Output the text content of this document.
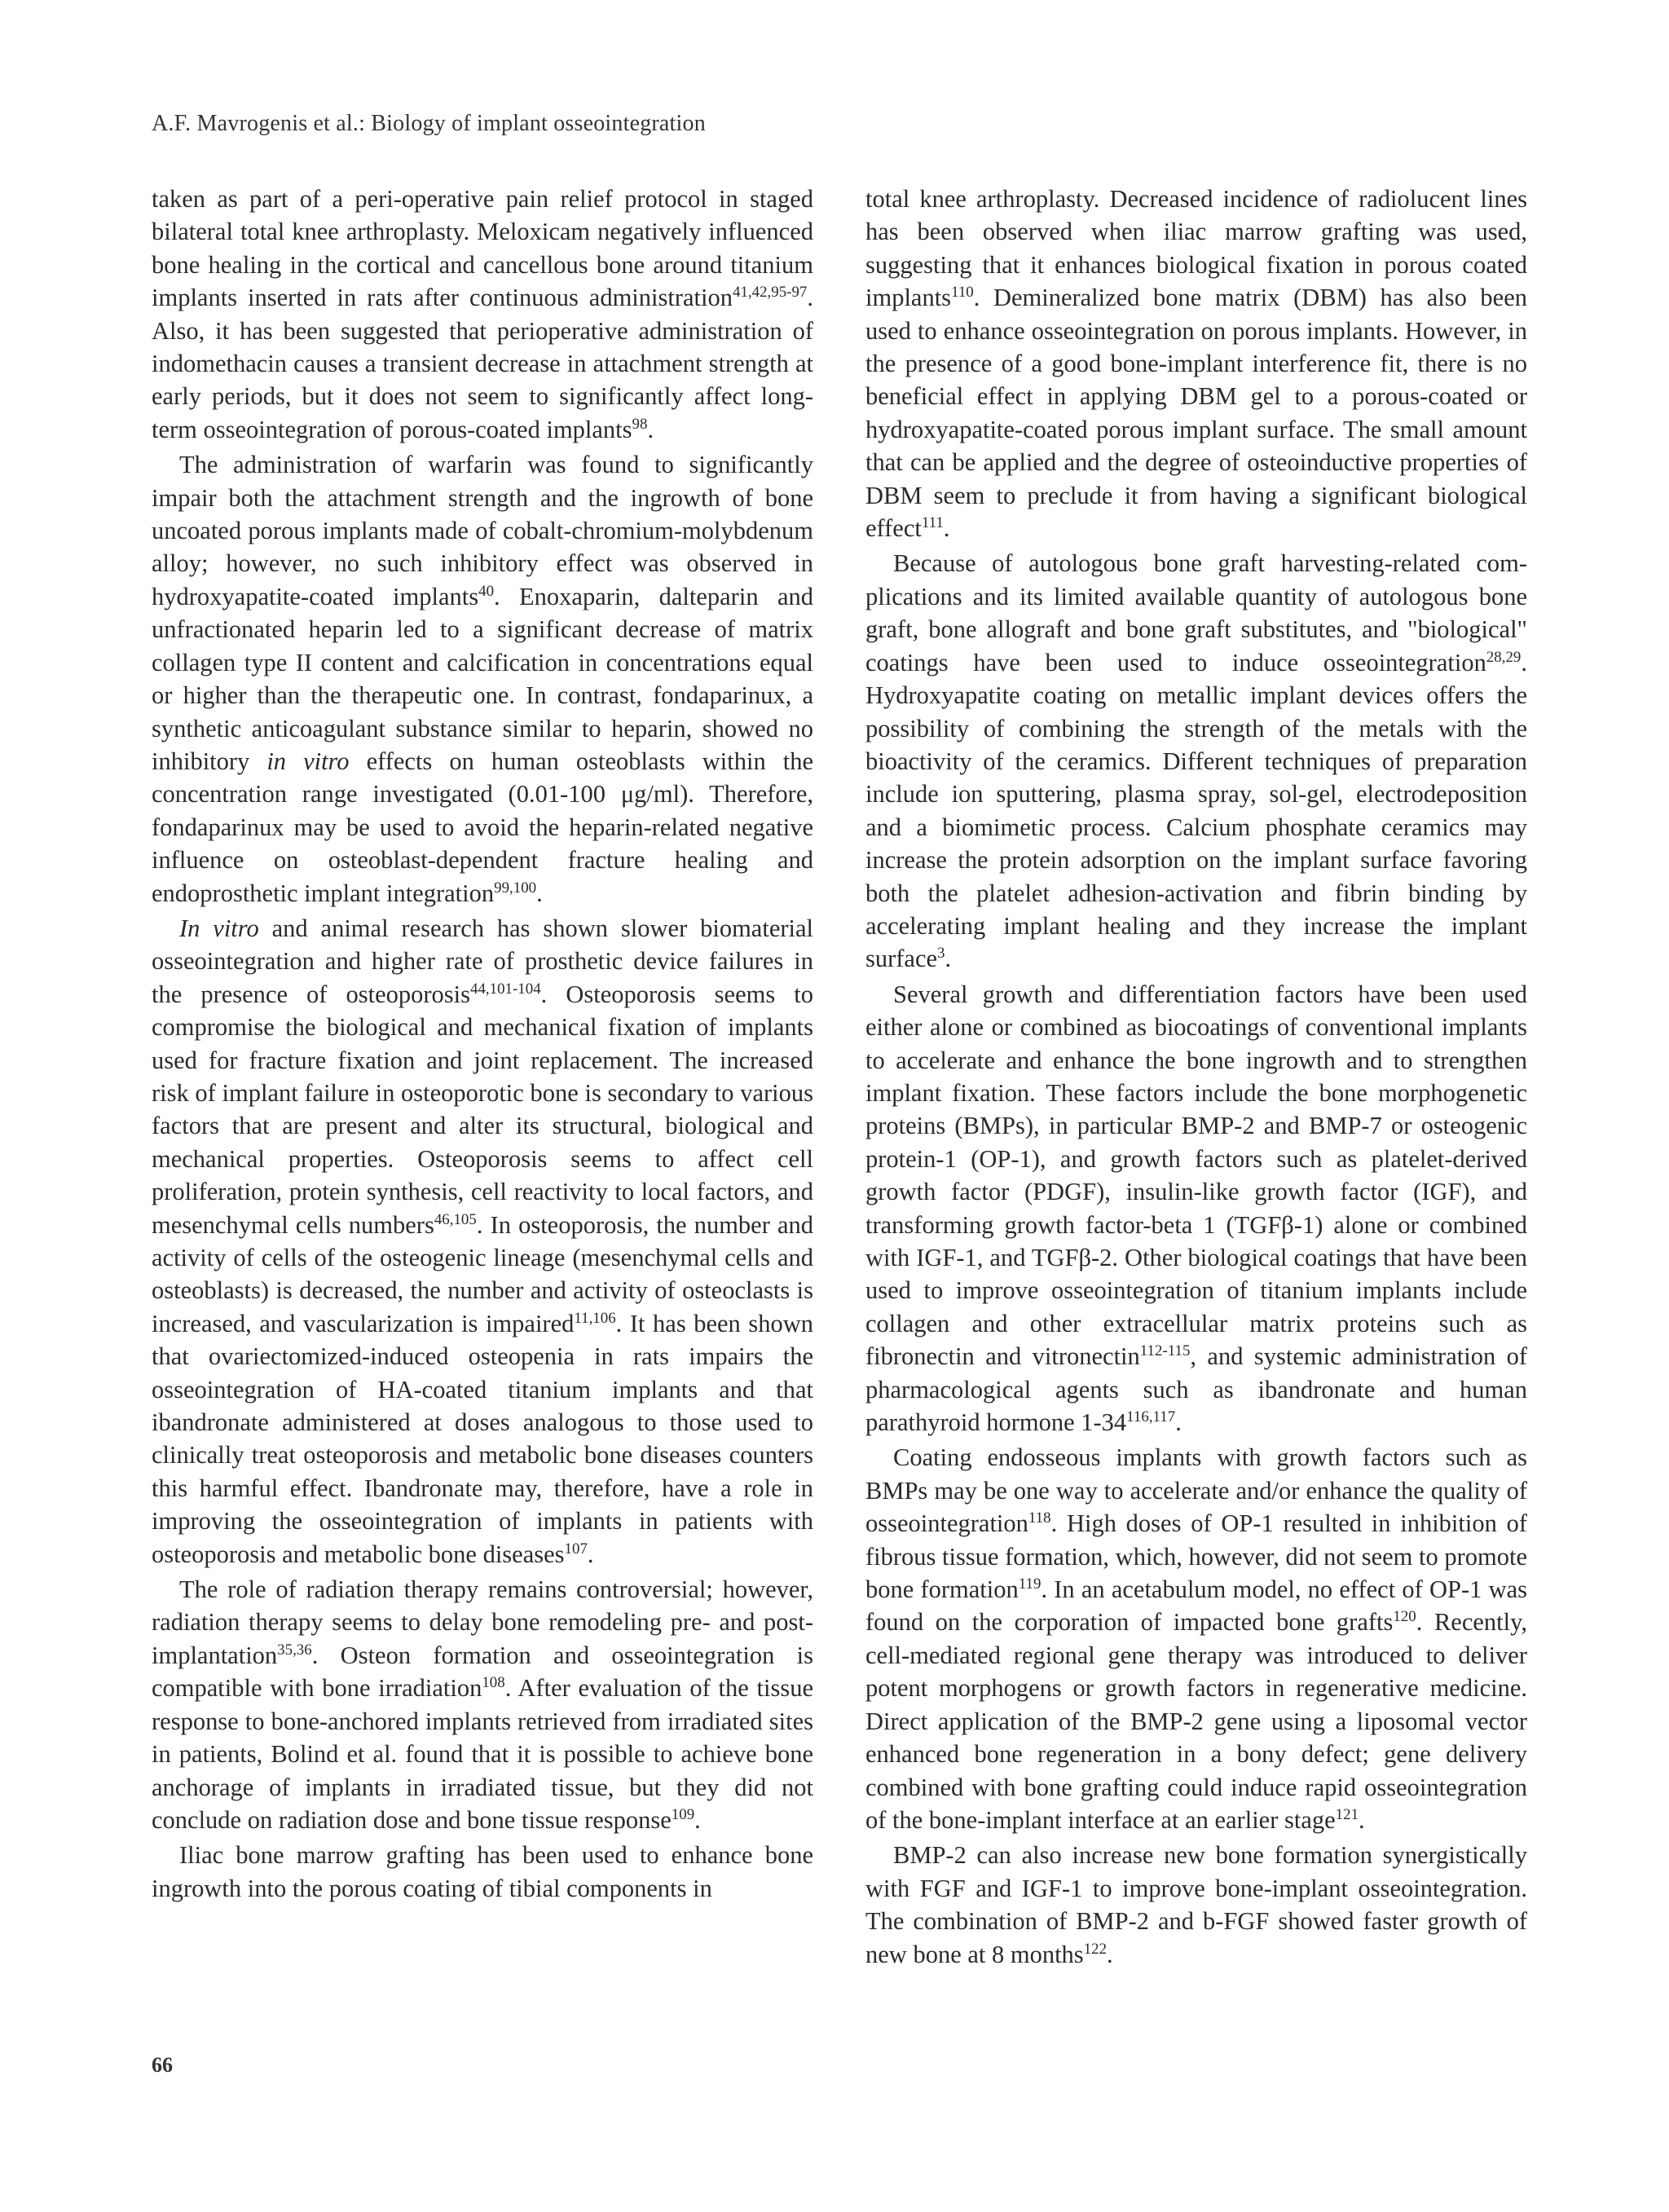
A.F. Mavrogenis et al.: Biology of implant osseointegration

taken as part of a peri-operative pain relief protocol in staged bilateral total knee arthroplasty. Meloxicam negatively influenced bone healing in the cortical and cancellous bone around titanium implants inserted in rats after continuous administration$^{41,42,95-97}$. Also, it has been suggested that perioperative administration of indomethacin causes a transient decrease in attachment strength at early periods, but it does not seem to significantly affect long-term osseointegration of porous-coated implants$^{98}$.

The administration of warfarin was found to significantly impair both the attachment strength and the ingrowth of bone uncoated porous implants made of cobalt-chromium-molybdenum alloy; however, no such inhibitory effect was observed in hydroxyapatite-coated implants$^{40}$. Enoxaparin, dalteparin and unfractionated heparin led to a significant decrease of matrix collagen type II content and calcification in concentrations equal or higher than the therapeutic one. In contrast, fondaparinux, a synthetic anticoagulant substance similar to heparin, showed no inhibitory in vitro effects on human osteoblasts within the concentration range investigated (0.01-100 μg/ml). Therefore, fondaparinux may be used to avoid the heparin-related negative influence on osteoblast-dependent fracture healing and endoprosthetic implant integration$^{99,100}$.

In vitro and animal research has shown slower biomaterial osseointegration and higher rate of prosthetic device failures in the presence of osteoporosis$^{44,101-104}$. Osteoporosis seems to compromise the biological and mechanical fixation of implants used for fracture fixation and joint replacement. The increased risk of implant failure in osteoporotic bone is secondary to various factors that are present and alter its structural, biological and mechanical properties. Osteoporosis seems to affect cell proliferation, protein synthesis, cell reactivity to local factors, and mesenchymal cells numbers$^{46,105}$. In osteoporosis, the number and activity of cells of the osteogenic lineage (mesenchymal cells and osteoblasts) is decreased, the number and activity of osteoclasts is increased, and vascularization is impaired$^{11,106}$. It has been shown that ovariectomized-induced osteopenia in rats impairs the osseointegration of HA-coated titanium implants and that ibandronate administered at doses analogous to those used to clinically treat osteoporosis and metabolic bone diseases counters this harmful effect. Ibandronate may, therefore, have a role in improving the osseointegration of implants in patients with osteoporosis and metabolic bone diseases$^{107}$.

The role of radiation therapy remains controversial; however, radiation therapy seems to delay bone remodeling pre- and post-implantation$^{35,36}$. Osteon formation and osseointegration is compatible with bone irradiation$^{108}$. After evaluation of the tissue response to bone-anchored implants retrieved from irradiated sites in patients, Bolind et al. found that it is possible to achieve bone anchorage of implants in irradiated tissue, but they did not conclude on radiation dose and bone tissue response$^{109}$.

Iliac bone marrow grafting has been used to enhance bone ingrowth into the porous coating of tibial components in

total knee arthroplasty. Decreased incidence of radiolucent lines has been observed when iliac marrow grafting was used, suggesting that it enhances biological fixation in porous coated implants$^{110}$. Demineralized bone matrix (DBM) has also been used to enhance osseointegration on porous implants. However, in the presence of a good bone-implant interference fit, there is no beneficial effect in applying DBM gel to a porous-coated or hydroxyapatite-coated porous implant surface. The small amount that can be applied and the degree of osteoinductive properties of DBM seem to preclude it from having a significant biological effect$^{111}$.

Because of autologous bone graft harvesting-related complications and its limited available quantity of autologous bone graft, bone allograft and bone graft substitutes, and "biological" coatings have been used to induce osseointegration$^{28,29}$. Hydroxyapatite coating on metallic implant devices offers the possibility of combining the strength of the metals with the bioactivity of the ceramics. Different techniques of preparation include ion sputtering, plasma spray, sol-gel, electrodeposition and a biomimetic process. Calcium phosphate ceramics may increase the protein adsorption on the implant surface favoring both the platelet adhesion-activation and fibrin binding by accelerating implant healing and they increase the implant surface$^3$.

Several growth and differentiation factors have been used either alone or combined as biocoatings of conventional implants to accelerate and enhance the bone ingrowth and to strengthen implant fixation. These factors include the bone morphogenetic proteins (BMPs), in particular BMP-2 and BMP-7 or osteogenic protein-1 (OP-1), and growth factors such as platelet-derived growth factor (PDGF), insulin-like growth factor (IGF), and transforming growth factor-beta 1 (TGFβ-1) alone or combined with IGF-1, and TGFβ-2. Other biological coatings that have been used to improve osseointegration of titanium implants include collagen and other extracellular matrix proteins such as fibronectin and vitronectin$^{112-115}$, and systemic administration of pharmacological agents such as ibandronate and human parathyroid hormone 1-34$^{116,117}$.

Coating endosseous implants with growth factors such as BMPs may be one way to accelerate and/or enhance the quality of osseointegration$^{118}$. High doses of OP-1 resulted in inhibition of fibrous tissue formation, which, however, did not seem to promote bone formation$^{119}$. In an acetabulum model, no effect of OP-1 was found on the corporation of impacted bone grafts$^{120}$. Recently, cell-mediated regional gene therapy was introduced to deliver potent morphogens or growth factors in regenerative medicine. Direct application of the BMP-2 gene using a liposomal vector enhanced bone regeneration in a bony defect; gene delivery combined with bone grafting could induce rapid osseointegration of the bone-implant interface at an earlier stage$^{121}$.

BMP-2 can also increase new bone formation synergistically with FGF and IGF-1 to improve bone-implant osseointegration. The combination of BMP-2 and b-FGF showed faster growth of new bone at 8 months$^{122}$.

66
